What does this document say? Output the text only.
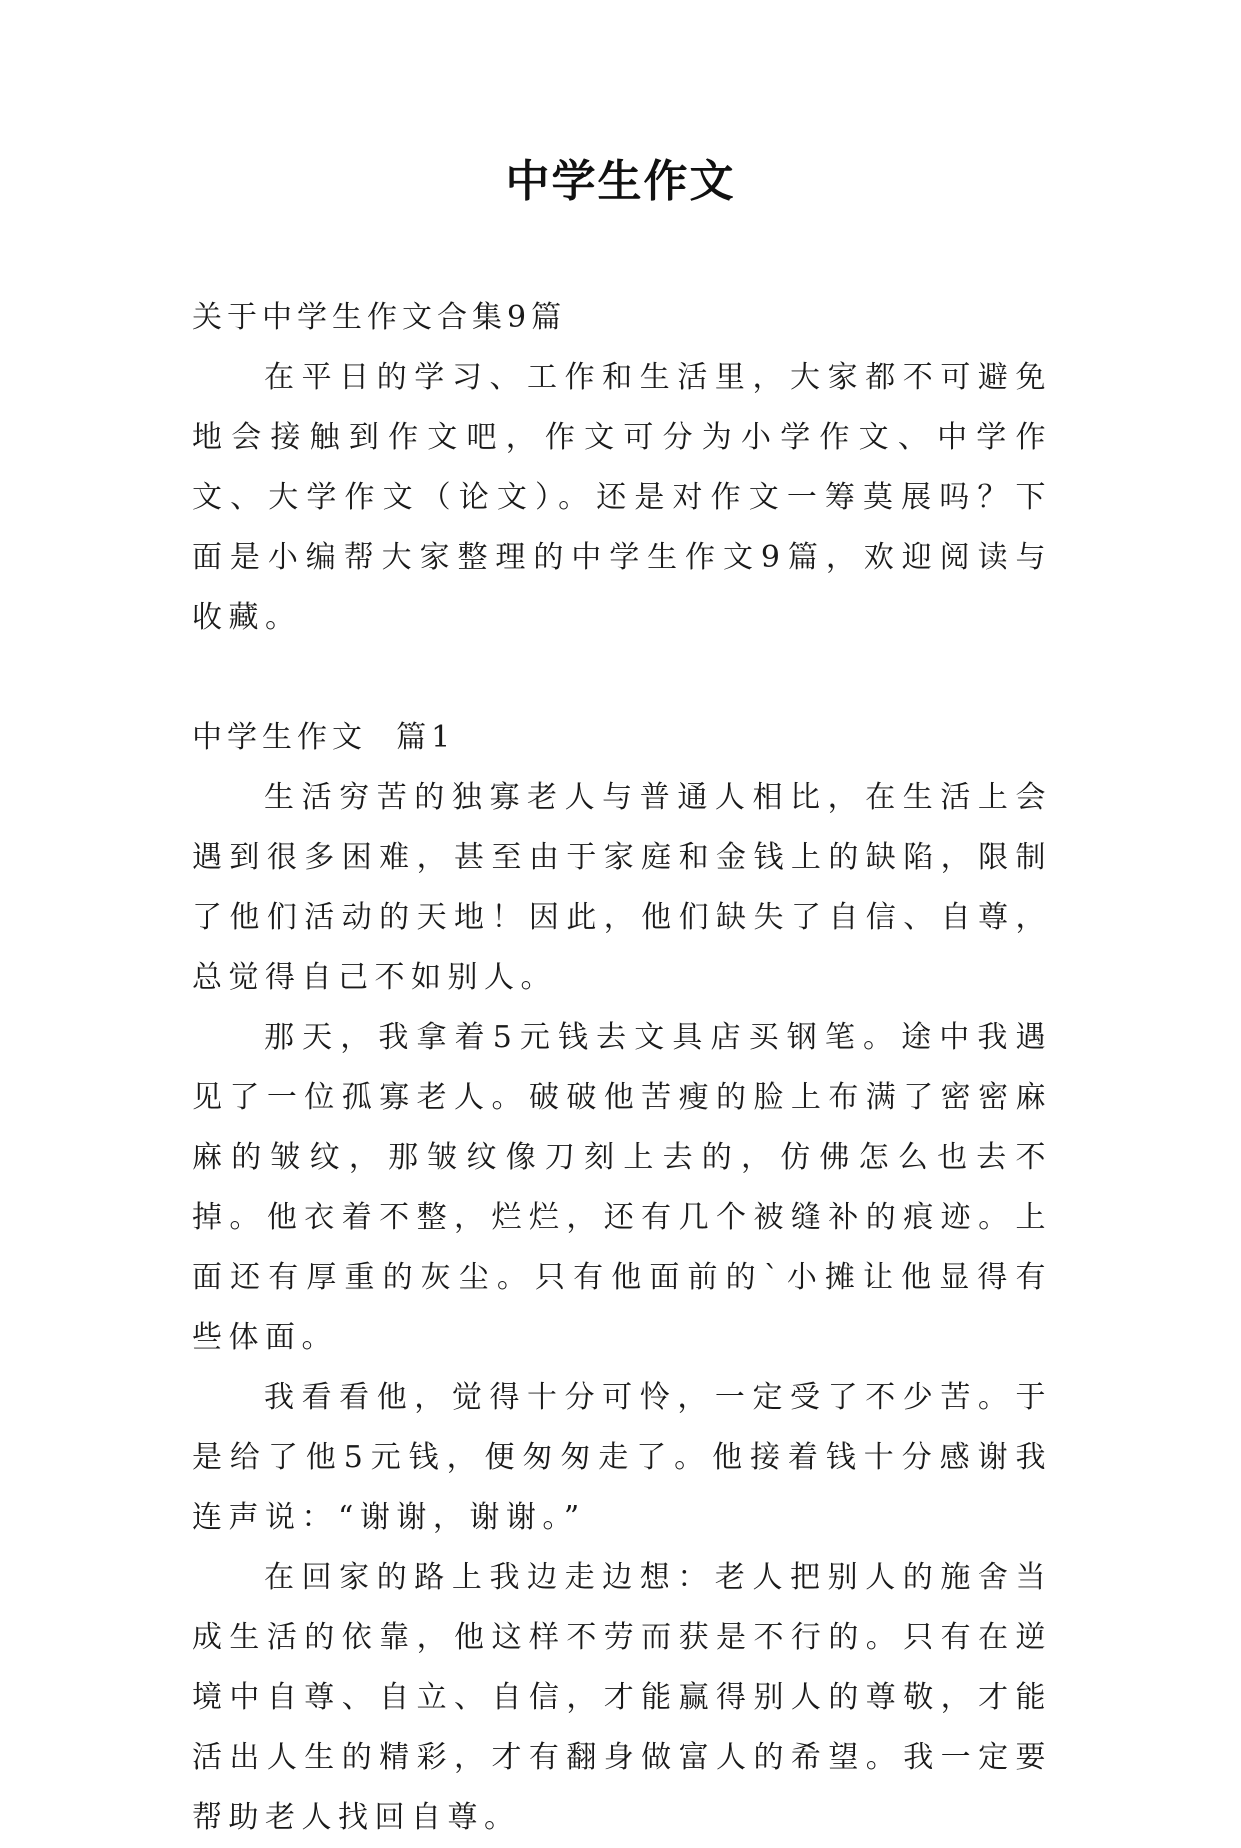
中学生作文

关于中学生作文合集9篇

在平日的学习、工作和生活里，大家都不可避免地会接触到作文吧，作文可分为小学作文、中学作文、大学作文（论文）。还是对作文一筹莫展吗？下面是小编帮大家整理的中学生作文9篇，欢迎阅读与收藏。

中学生作文  篇1

生活穷苦的独寡老人与普通人相比，在生活上会遇到很多困难，甚至由于家庭和金钱上的缺陷，限制了他们活动的天地！因此，他们缺失了自信、自尊，总觉得自己不如别人。

那天，我拿着5元钱去文具店买钢笔。途中我遇见了一位孤寡老人。破破他苦瘦的脸上布满了密密麻麻的皱纹，那皱纹像刀刻上去的，仿佛怎么也去不掉。他衣着不整，烂烂，还有几个被缝补的痕迹。上面还有厚重的灰尘。只有他面前的`小摊让他显得有些体面。

我看看他，觉得十分可怜，一定受了不少苦。于是给了他5元钱，便匆匆走了。他接着钱十分感谢我连声说：“谢谢，谢谢。”

在回家的路上我边走边想：老人把别人的施舍当成生活的依靠，他这样不劳而获是不行的。只有在逆境中自尊、自立、自信，才能赢得别人的尊敬，才能活出人生的精彩，才有翻身做富人的希望。我一定要帮助老人找回自尊。
